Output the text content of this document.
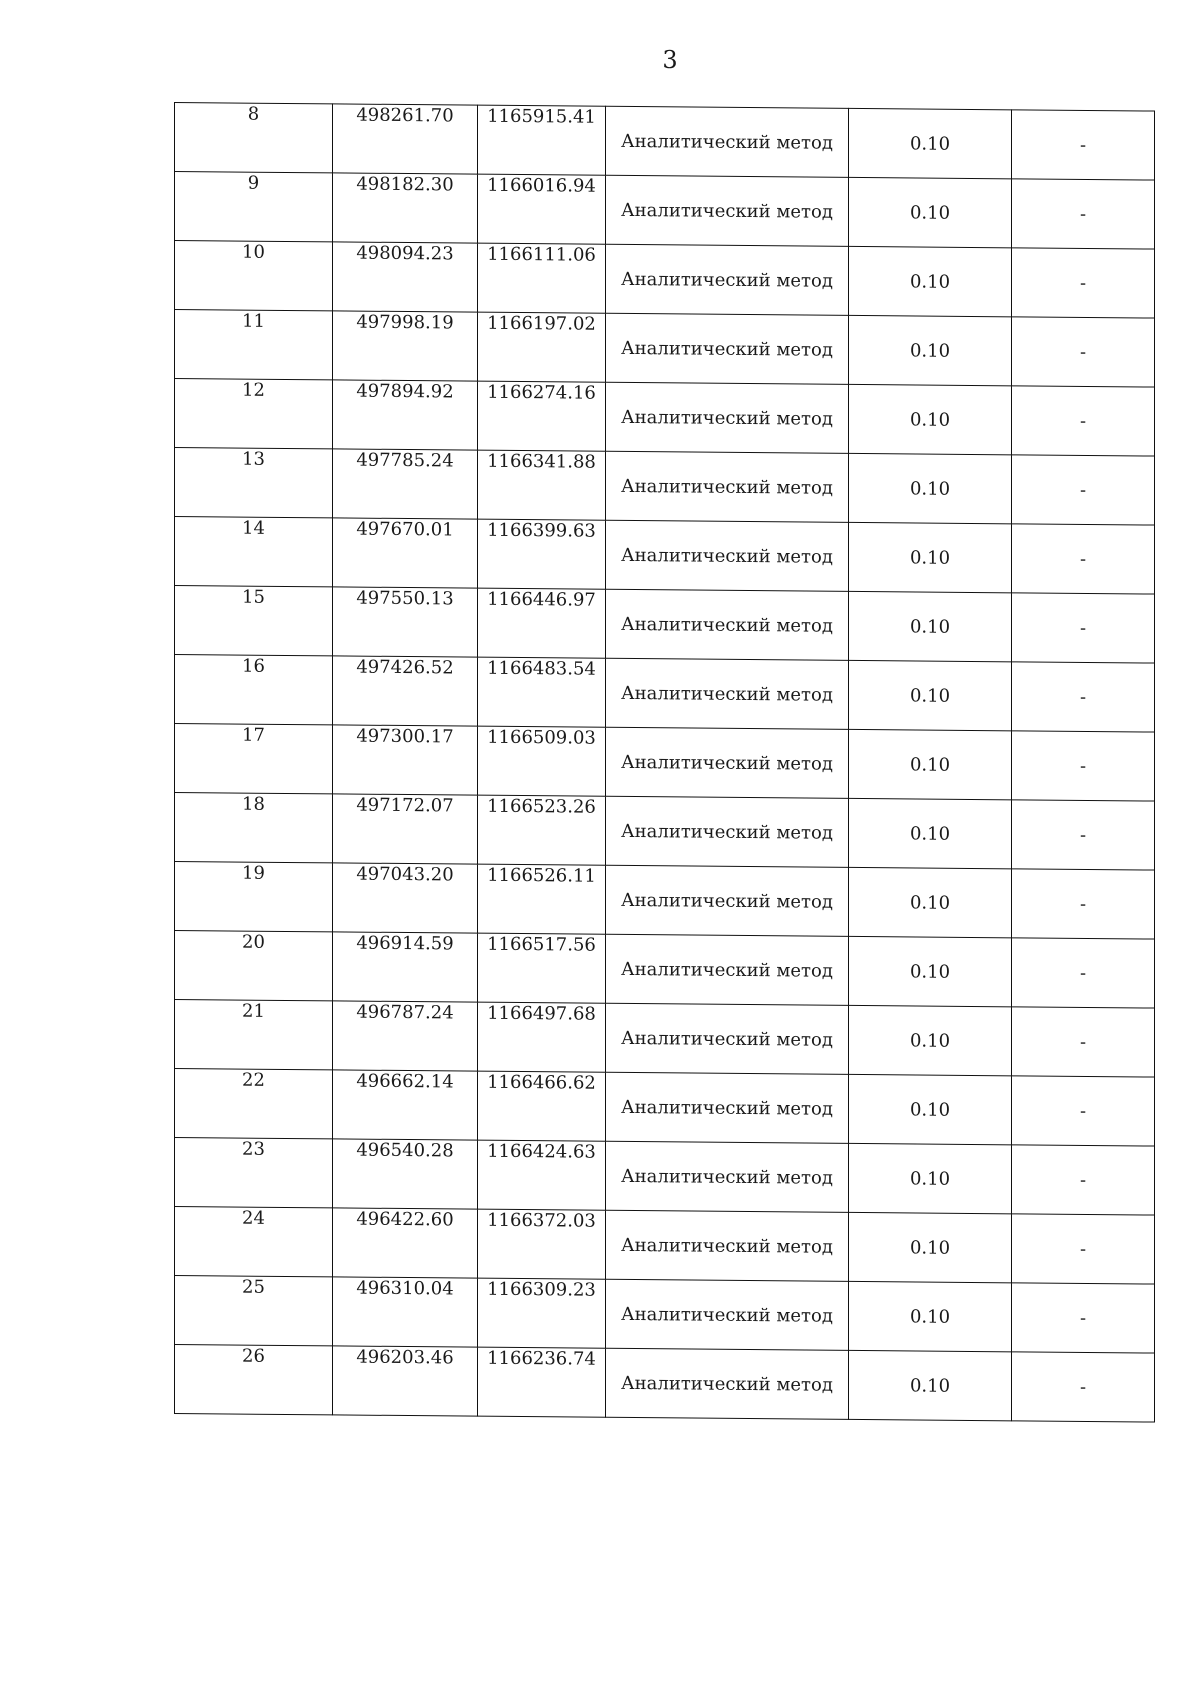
3
8	498261.70	1165915.41	Аналитический метод	0.10	-
9	498182.30	1166016.94	Аналитический метод	0.10	-
10	498094.23	1166111.06	Аналитический метод	0.10	-
11	497998.19	1166197.02	Аналитический метод	0.10	-
12	497894.92	1166274.16	Аналитический метод	0.10	-
13	497785.24	1166341.88	Аналитический метод	0.10	-
14	497670.01	1166399.63	Аналитический метод	0.10	-
15	497550.13	1166446.97	Аналитический метод	0.10	-
16	497426.52	1166483.54	Аналитический метод	0.10	-
17	497300.17	1166509.03	Аналитический метод	0.10	-
18	497172.07	1166523.26	Аналитический метод	0.10	-
19	497043.20	1166526.11	Аналитический метод	0.10	-
20	496914.59	1166517.56	Аналитический метод	0.10	-
21	496787.24	1166497.68	Аналитический метод	0.10	-
22	496662.14	1166466.62	Аналитический метод	0.10	-
23	496540.28	1166424.63	Аналитический метод	0.10	-
24	496422.60	1166372.03	Аналитический метод	0.10	-
25	496310.04	1166309.23	Аналитический метод	0.10	-
26	496203.46	1166236.74	Аналитический метод	0.10	-
